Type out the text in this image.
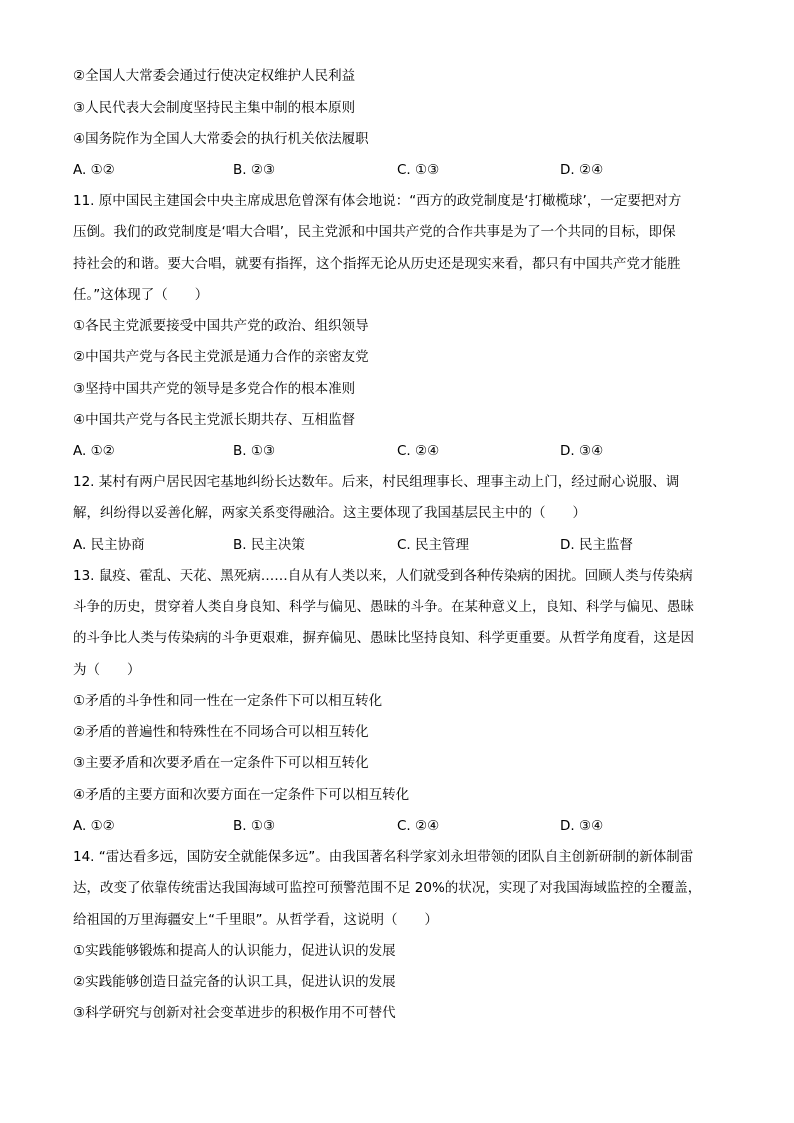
②全国人大常委会通过行使决定权维护人民利益
③人民代表大会制度坚持民主集中制的根本原则
④国务院作为全国人大常委会的执行机关依法履职
A. ①②	B. ②③	C. ①③	D. ②④
11. 原中国民主建国会中央主席成思危曾深有体会地说：“西方的政党制度是‘打橄榄球’，一定要把对方
压倒。我们的政党制度是‘唱大合唱’，民主党派和中国共产党的合作共事是为了一个共同的目标，即保
持社会的和谐。要大合唱，就要有指挥，这个指挥无论从历史还是现实来看，都只有中国共产党才能胜
任。”这体现了（　　）
①各民主党派要接受中国共产党的政治、组织领导
②中国共产党与各民主党派是通力合作的亲密友党
③坚持中国共产党的领导是多党合作的根本准则
④中国共产党与各民主党派长期共存、互相监督
A. ①②	B. ①③	C. ②④	D. ③④
12. 某村有两户居民因宅基地纠纷长达数年。后来，村民组理事长、理事主动上门，经过耐心说服、调
解，纠纷得以妥善化解，两家关系变得融洽。这主要体现了我国基层民主中的（　　）
A. 民主协商	B. 民主决策	C. 民主管理	D. 民主监督
13. 鼠疫、霍乱、天花、黑死病……自从有人类以来，人们就受到各种传染病的困扰。回顾人类与传染病
斗争的历史，贯穿着人类自身良知、科学与偏见、愚昧的斗争。在某种意义上，良知、科学与偏见、愚昧
的斗争比人类与传染病的斗争更艰难，摒弃偏见、愚昧比坚持良知、科学更重要。从哲学角度看，这是因
为（　　）
①矛盾的斗争性和同一性在一定条件下可以相互转化
②矛盾的普遍性和特殊性在不同场合可以相互转化
③主要矛盾和次要矛盾在一定条件下可以相互转化
④矛盾的主要方面和次要方面在一定条件下可以相互转化
A. ①②	B. ①③	C. ②④	D. ③④
14. “雷达看多远，国防安全就能保多远”。由我国著名科学家刘永坦带领的团队自主创新研制的新体制雷
达，改变了依靠传统雷达我国海域可监控可预警范围不足 20%的状况，实现了对我国海域监控的全覆盖，
给祖国的万里海疆安上“千里眼”。从哲学看，这说明（　　）
①实践能够锻炼和提高人的认识能力，促进认识的发展
②实践能够创造日益完备的认识工具，促进认识的发展
③科学研究与创新对社会变革进步的积极作用不可替代
